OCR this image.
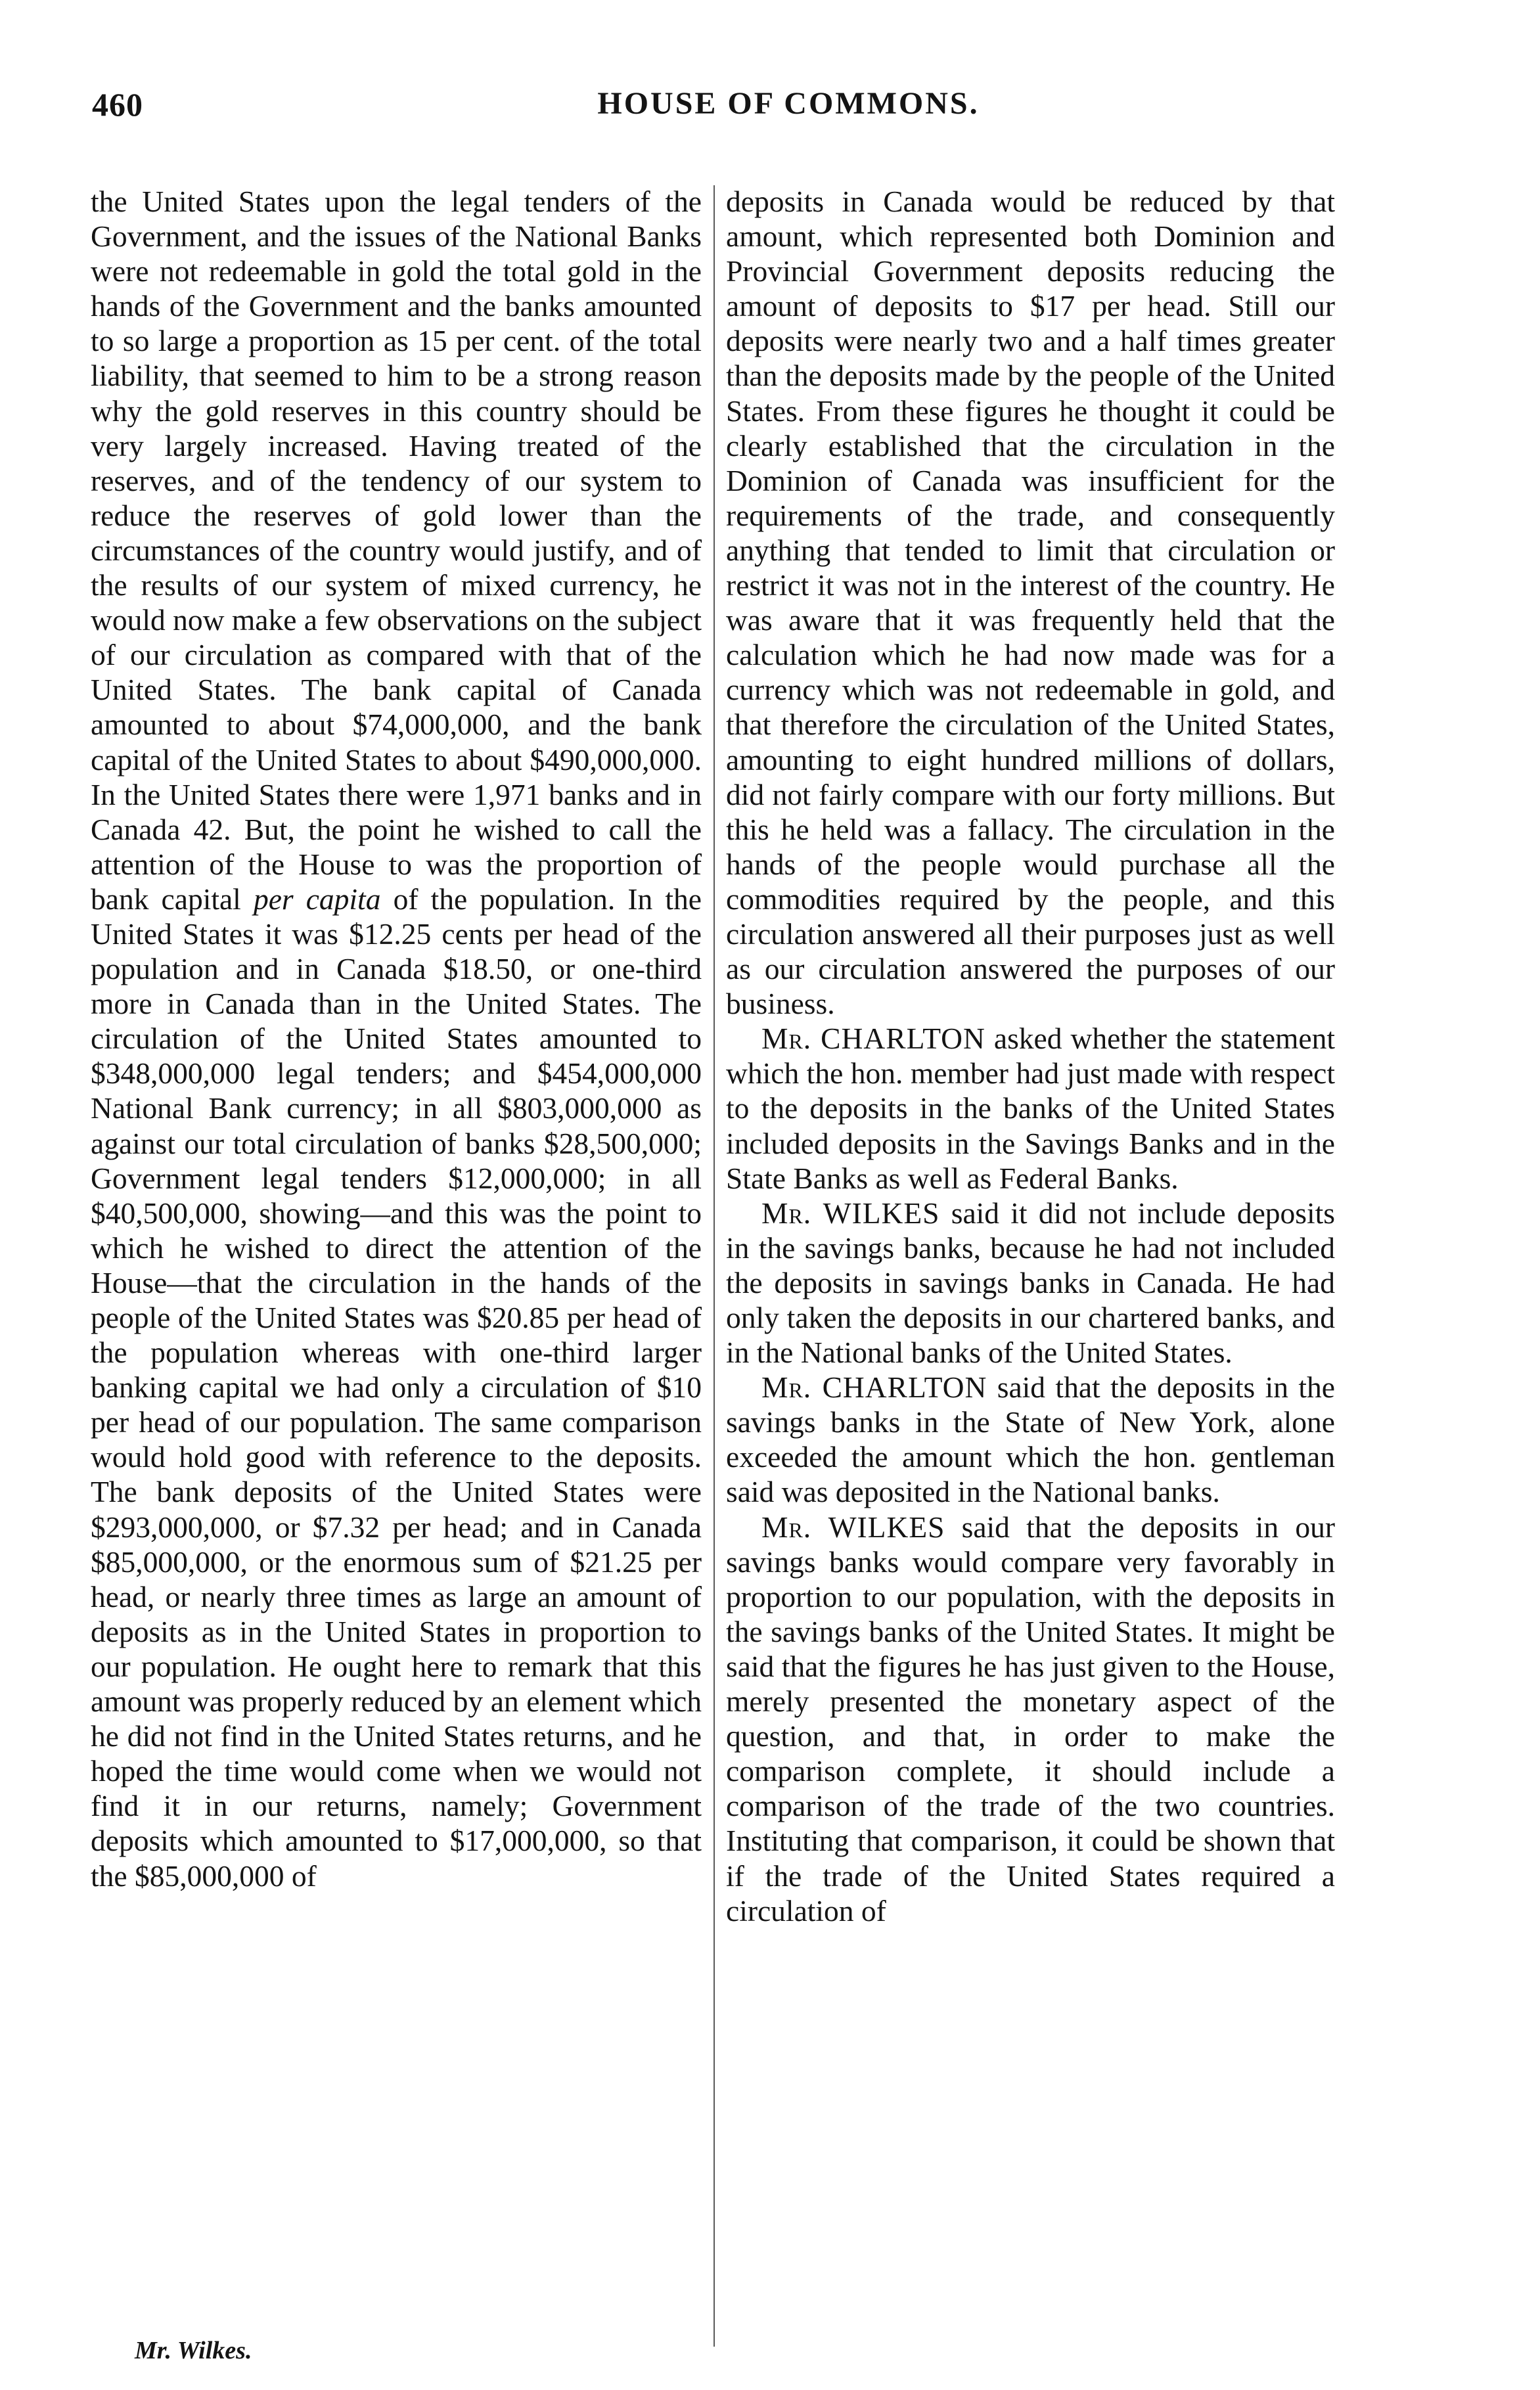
460	HOUSE OF COMMONS.

the United States upon the legal tenders of the Government, and the issues of the National Banks were not redeemable in gold the total gold in the hands of the Government and the banks amounted to so large a proportion as 15 per cent. of the total liability, that seemed to him to be a strong reason why the gold reserves in this country should be very largely increased. Having treated of the reserves, and of the tendency of our system to reduce the reserves of gold lower than the circumstances of the country would justify, and of the results of our system of mixed currency, he would now make a few observations on the subject of our circulation as compared with that of the United States. The bank capital of Canada amounted to about $74,000,000, and the bank capital of the United States to about $490,000,000. In the United States there were 1,971 banks and in Canada 42. But, the point he wished to call the attention of the House to was the proportion of bank capital per capita of the population. In the United States it was $12.25 cents per head of the population and in Canada $18.50, or one-third more in Canada than in the United States. The circulation of the United States amounted to $348,000,000 legal tenders; and $454,000,000 National Bank currency; in all $803,000,000 as against our total circulation of banks $28,500,000; Government legal tenders $12,000,000; in all $40,500,000, showing—and this was the point to which he wished to direct the attention of the House—that the circulation in the hands of the people of the United States was $20.85 per head of the population whereas with one-third larger banking capital we had only a circulation of $10 per head of our population. The same comparison would hold good with reference to the deposits. The bank deposits of the United States were $293,000,000, or $7.32 per head; and in Canada $85,000,000, or the enormous sum of $21.25 per head, or nearly three times as large an amount of deposits as in the United States in proportion to our population. He ought here to remark that this amount was properly reduced by an element which he did not find in the United States returns, and he hoped the time would come when we would not find it in our returns, namely; Government deposits which amounted to $17,000,000, so that the $85,000,000 of

deposits in Canada would be reduced by that amount, which represented both Dominion and Provincial Government deposits reducing the amount of deposits to $17 per head. Still our deposits were nearly two and a half times greater than the deposits made by the people of the United States. From these figures he thought it could be clearly established that the circulation in the Dominion of Canada was insufficient for the requirements of the trade, and consequently anything that tended to limit that circulation or restrict it was not in the interest of the country. He was aware that it was frequently held that the calculation which he had now made was for a currency which was not redeemable in gold, and that therefore the circulation of the United States, amounting to eight hundred millions of dollars, did not fairly compare with our forty millions. But this he held was a fallacy. The circulation in the hands of the people would purchase all the commodities required by the people, and this circulation answered all their purposes just as well as our circulation answered the purposes of our business.

Mr. CHARLTON asked whether the statement which the hon. member had just made with respect to the deposits in the banks of the United States included deposits in the Savings Banks and in the State Banks as well as Federal Banks.

Mr. WILKES said it did not include deposits in the savings banks, because he had not included the deposits in savings banks in Canada. He had only taken the deposits in our chartered banks, and in the National banks of the United States.

Mr. CHARLTON said that the deposits in the savings banks in the State of New York, alone exceeded the amount which the hon. gentleman said was deposited in the National banks.

Mr. WILKES said that the deposits in our savings banks would compare very favorably in proportion to our population, with the deposits in the savings banks of the United States. It might be said that the figures he has just given to the House, merely presented the monetary aspect of the question, and that, in order to make the comparison complete, it should include a comparison of the trade of the two countries. Instituting that comparison, it could be shown that if the trade of the United States required a circulation of

Mr. Wilkes.
